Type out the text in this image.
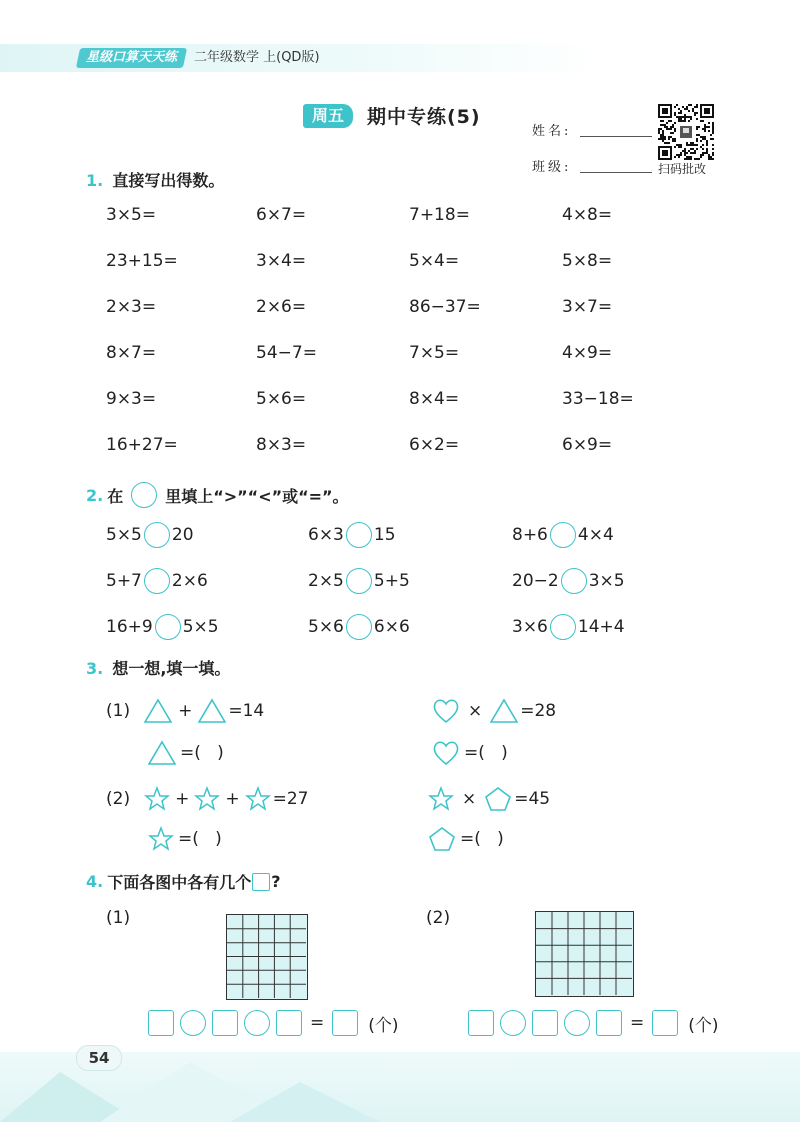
星级口算天天练	二年级数学 上(QD版)
周五	期中专练(5)
姓名:
班级:	扫码批改
1. 直接写出得数。
3×5=	6×7=	7+18=	4×8=
23+15=	3×4=	5×4=	5×8=
2×3=	2×6=	86−37=	3×7=
8×7=	54−7=	7×5=	4×9=
9×3=	5×6=	8×4=	33−18=
16+27=	8×3=	6×2=	6×9=
2. 在	里填上“>”“<”或“=”。
5×5 20	6×3 15	8+6 4×4
5+7 2×6	2×5 5+5	20−2 3×5
16+9 5×5	5×6 6×6	3×6 14+4
3. 想一想,填一填。
(1)	+ =14	× =28
=(   )	=(   )
(2)	+ + =27	× =45
=(   )	=(   )
4. 下面各图中各有几个 ?
(1)	(2)
=	(个)	=	(个)
54
